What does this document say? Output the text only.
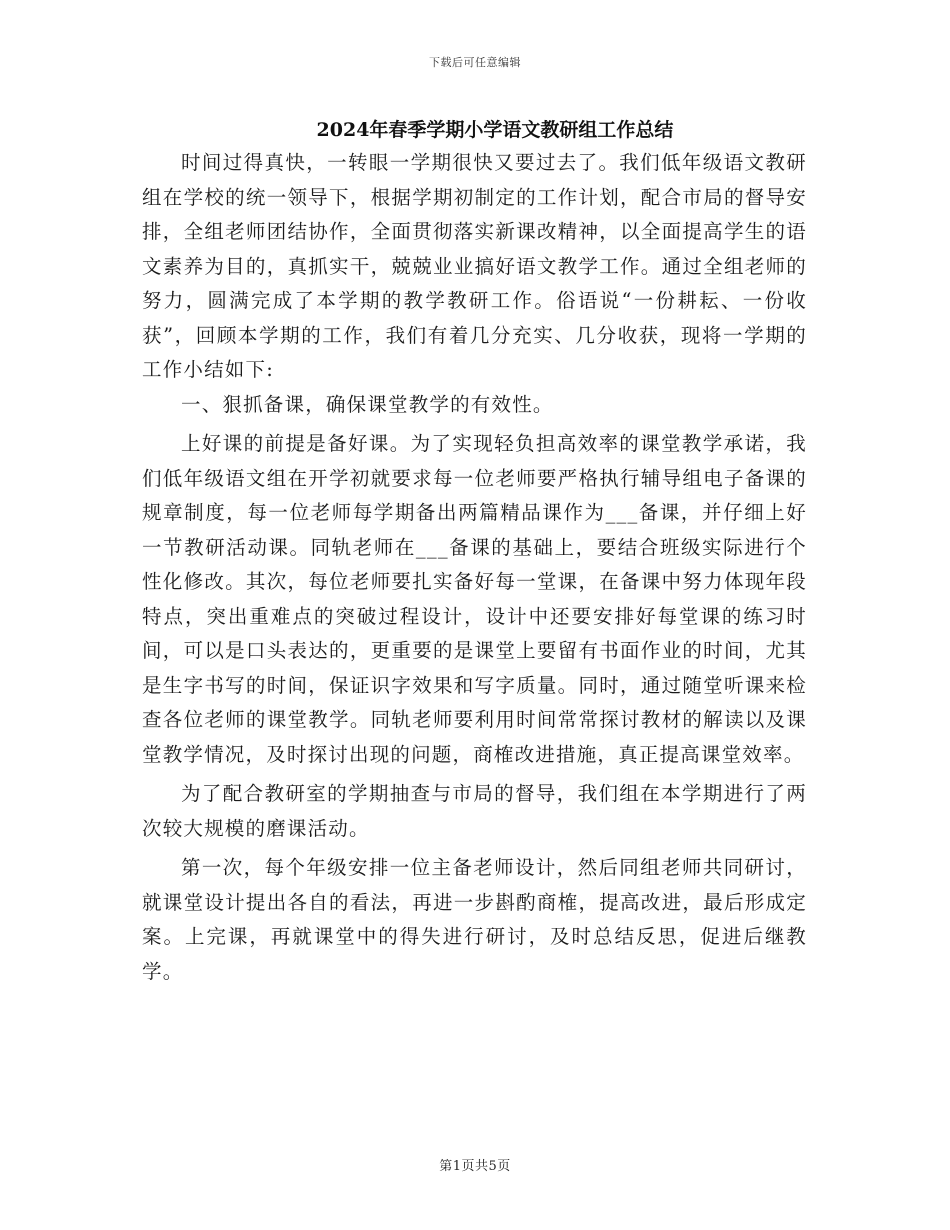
下载后可任意编辑
2024年春季学期小学语文教研组工作总结

时间过得真快，一转眼一学期很快又要过去了。我们低年级语文教研组在学校的统一领导下，根据学期初制定的工作计划，配合市局的督导安排，全组老师团结协作，全面贯彻落实新课改精神，以全面提高学生的语文素养为目的，真抓实干，兢兢业业搞好语文教学工作。通过全组老师的努力，圆满完成了本学期的教学教研工作。俗语说“一份耕耘、一份收获”，回顾本学期的工作，我们有着几分充实、几分收获，现将一学期的工作小结如下:

一、狠抓备课，确保课堂教学的有效性。

上好课的前提是备好课。为了实现轻负担高效率的课堂教学承诺，我们低年级语文组在开学初就要求每一位老师要严格执行辅导组电子备课的规章制度，每一位老师每学期备出两篇精品课作为___备课，并仔细上好一节教研活动课。同轨老师在___备课的基础上，要结合班级实际进行个性化修改。其次，每位老师要扎实备好每一堂课，在备课中努力体现年段特点，突出重难点的突破过程设计，设计中还要安排好每堂课的练习时间，可以是口头表达的，更重要的是课堂上要留有书面作业的时间，尤其是生字书写的时间，保证识字效果和写字质量。同时，通过随堂听课来检查各位老师的课堂教学。同轨老师要利用时间常常探讨教材的解读以及课堂教学情况，及时探讨出现的问题，商榷改进措施，真正提高课堂效率。

为了配合教研室的学期抽查与市局的督导，我们组在本学期进行了两次较大规模的磨课活动。

第一次，每个年级安排一位主备老师设计，然后同组老师共同研讨，就课堂设计提出各自的看法，再进一步斟酌商榷，提高改进，最后形成定案。上完课，再就课堂中的得失进行研讨，及时总结反思，促进后继教学。

第1页共5页
